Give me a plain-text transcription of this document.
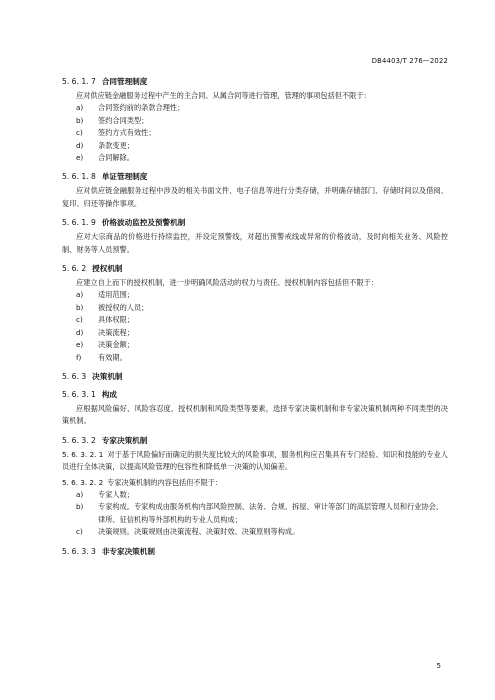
DB4403/T 276—2022
5. 6. 1. 7 合同管理制度

应对供应链金融服务过程中产生的主合同、从属合同等进行管理，管理的事项包括但不限于：

a)	合同签约前的条款合理性；
b)	签约合同类型；
c)	签约方式有效性；
d)	条款变更；
e)	合同解除。
5. 6. 1. 8 单证管理制度

应对供应链金融服务过程中涉及的相关书面文件、电子信息等进行分类存储，并明确存储部门、存储时间以及借阅、复印、归还等操作事项。

5. 6. 1. 9 价格波动监控及预警机制

应对大宗商品的价格进行持续监控，并设定预警线，对超出预警戒线或异常的价格波动，及时向相关业务、风险控制、财务等人员预警。

5. 6. 2 授权机制

应建立自上而下的授权机制，进一步明确风险活动的权力与责任。授权机制内容包括但不限于：

a)	适用范围；
b)	被授权的人员；
c)	具体权限；
d)	决策流程；
e)	决策金额；
f)	有效期。
5. 6. 3 决策机制
5. 6. 3. 1 构成

应根据风险偏好、风险容忍度、授权机制和风险类型等要素，选择专家决策机制和非专家决策机制两种不同类型的决策机制。

5. 6. 3. 2 专家决策机制
5. 6. 3. 2. 1 对于基于风险偏好而确定的损失度比较大的风险事项，服务机构应召集具有专门经验、知识和技能的专业人员进行全体决策，以提高风险管理的包容性和降低单一决策的认知偏差。
5. 6. 3. 2. 2 专家决策机制的内容包括但不限于：
a)	专家人数；
b)	专家构成。专家构成由服务机构内部风险控制、法务、合规、拆屋、审计等部门的高层管理人员和行业协会、律所、征信机构等外部机构的专业人员构成；
c)	决策规则。决策规则由决策流程、决策时效、决策原则等构成。
5. 6. 3. 3 非专家决策机制
5
